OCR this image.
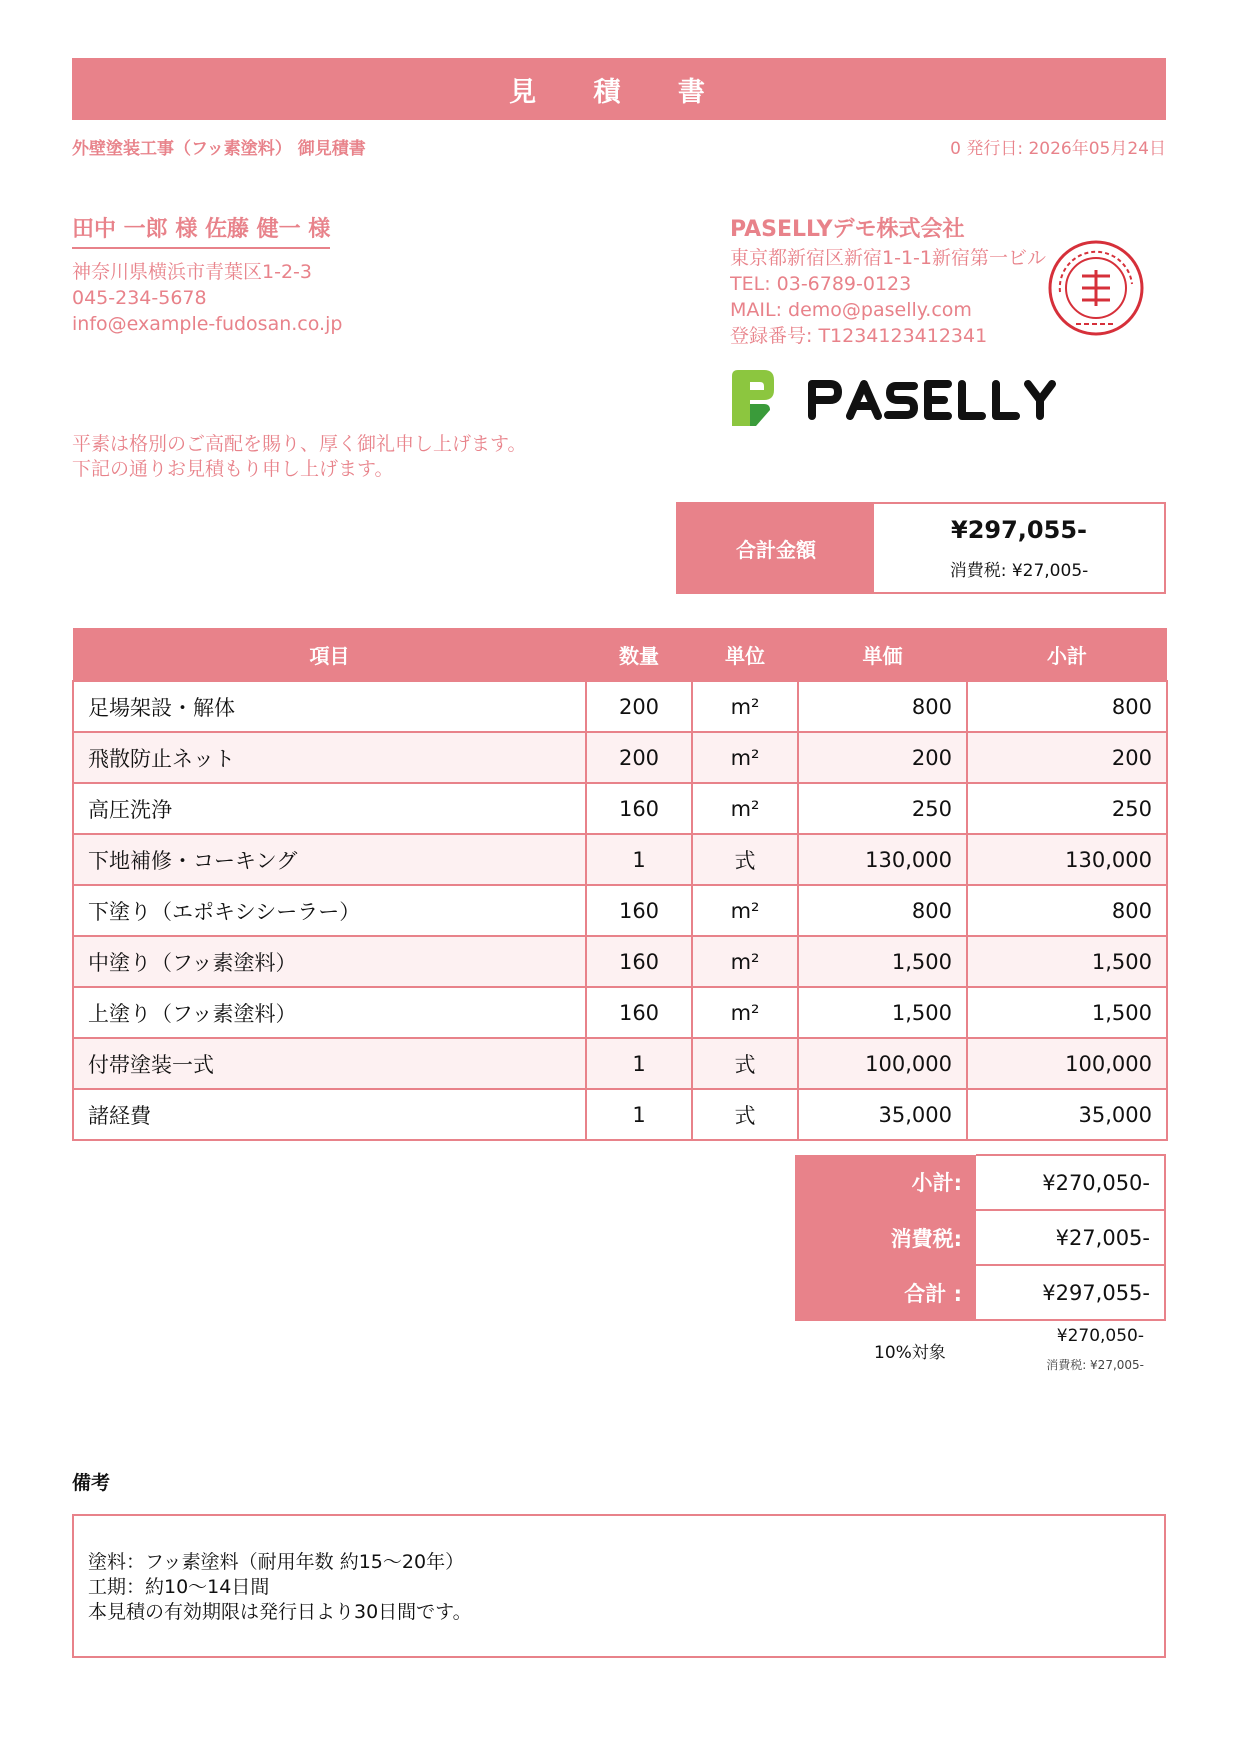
見 積 書
外壁塗装工事（フッ素塗料） 御見積書	0 発行日: 2026年05月24日
田中 一郎 様 佐藤 健一 様
神奈川県横浜市青葉区1-2-3
045-234-5678
info@example-fudosan.co.jp
PASELLYデモ株式会社
東京都新宿区新宿1-1-1新宿第一ビル
TEL: 03-6789-0123
MAIL: demo@paselly.com
登録番号: T1234123412341
平素は格別のご高配を賜り、厚く御礼申し上げます。
下記の通りお見積もり申し上げます。
合計金額
¥297,055-
消費税: ¥27,005-
項目	数量	単位	単価	小計
足場架設・解体	200	m²	800	800
飛散防止ネット	200	m²	200	200
高圧洗浄	160	m²	250	250
下地補修・コーキング	1	式	130,000	130,000
下塗り（エポキシシーラー）	160	m²	800	800
中塗り（フッ素塗料）	160	m²	1,500	1,500
上塗り（フッ素塗料）	160	m²	1,500	1,500
付帯塗装一式	1	式	100,000	100,000
諸経費	1	式	35,000	35,000
小計:	¥270,050-
消費税:	¥27,005-
合計 :	¥297,055-
10%対象
¥270,050-
消費税: ¥27,005-
備考
塗料：フッ素塗料（耐用年数 約15〜20年）
工期：約10〜14日間
本見積の有効期限は発行日より30日間です。
